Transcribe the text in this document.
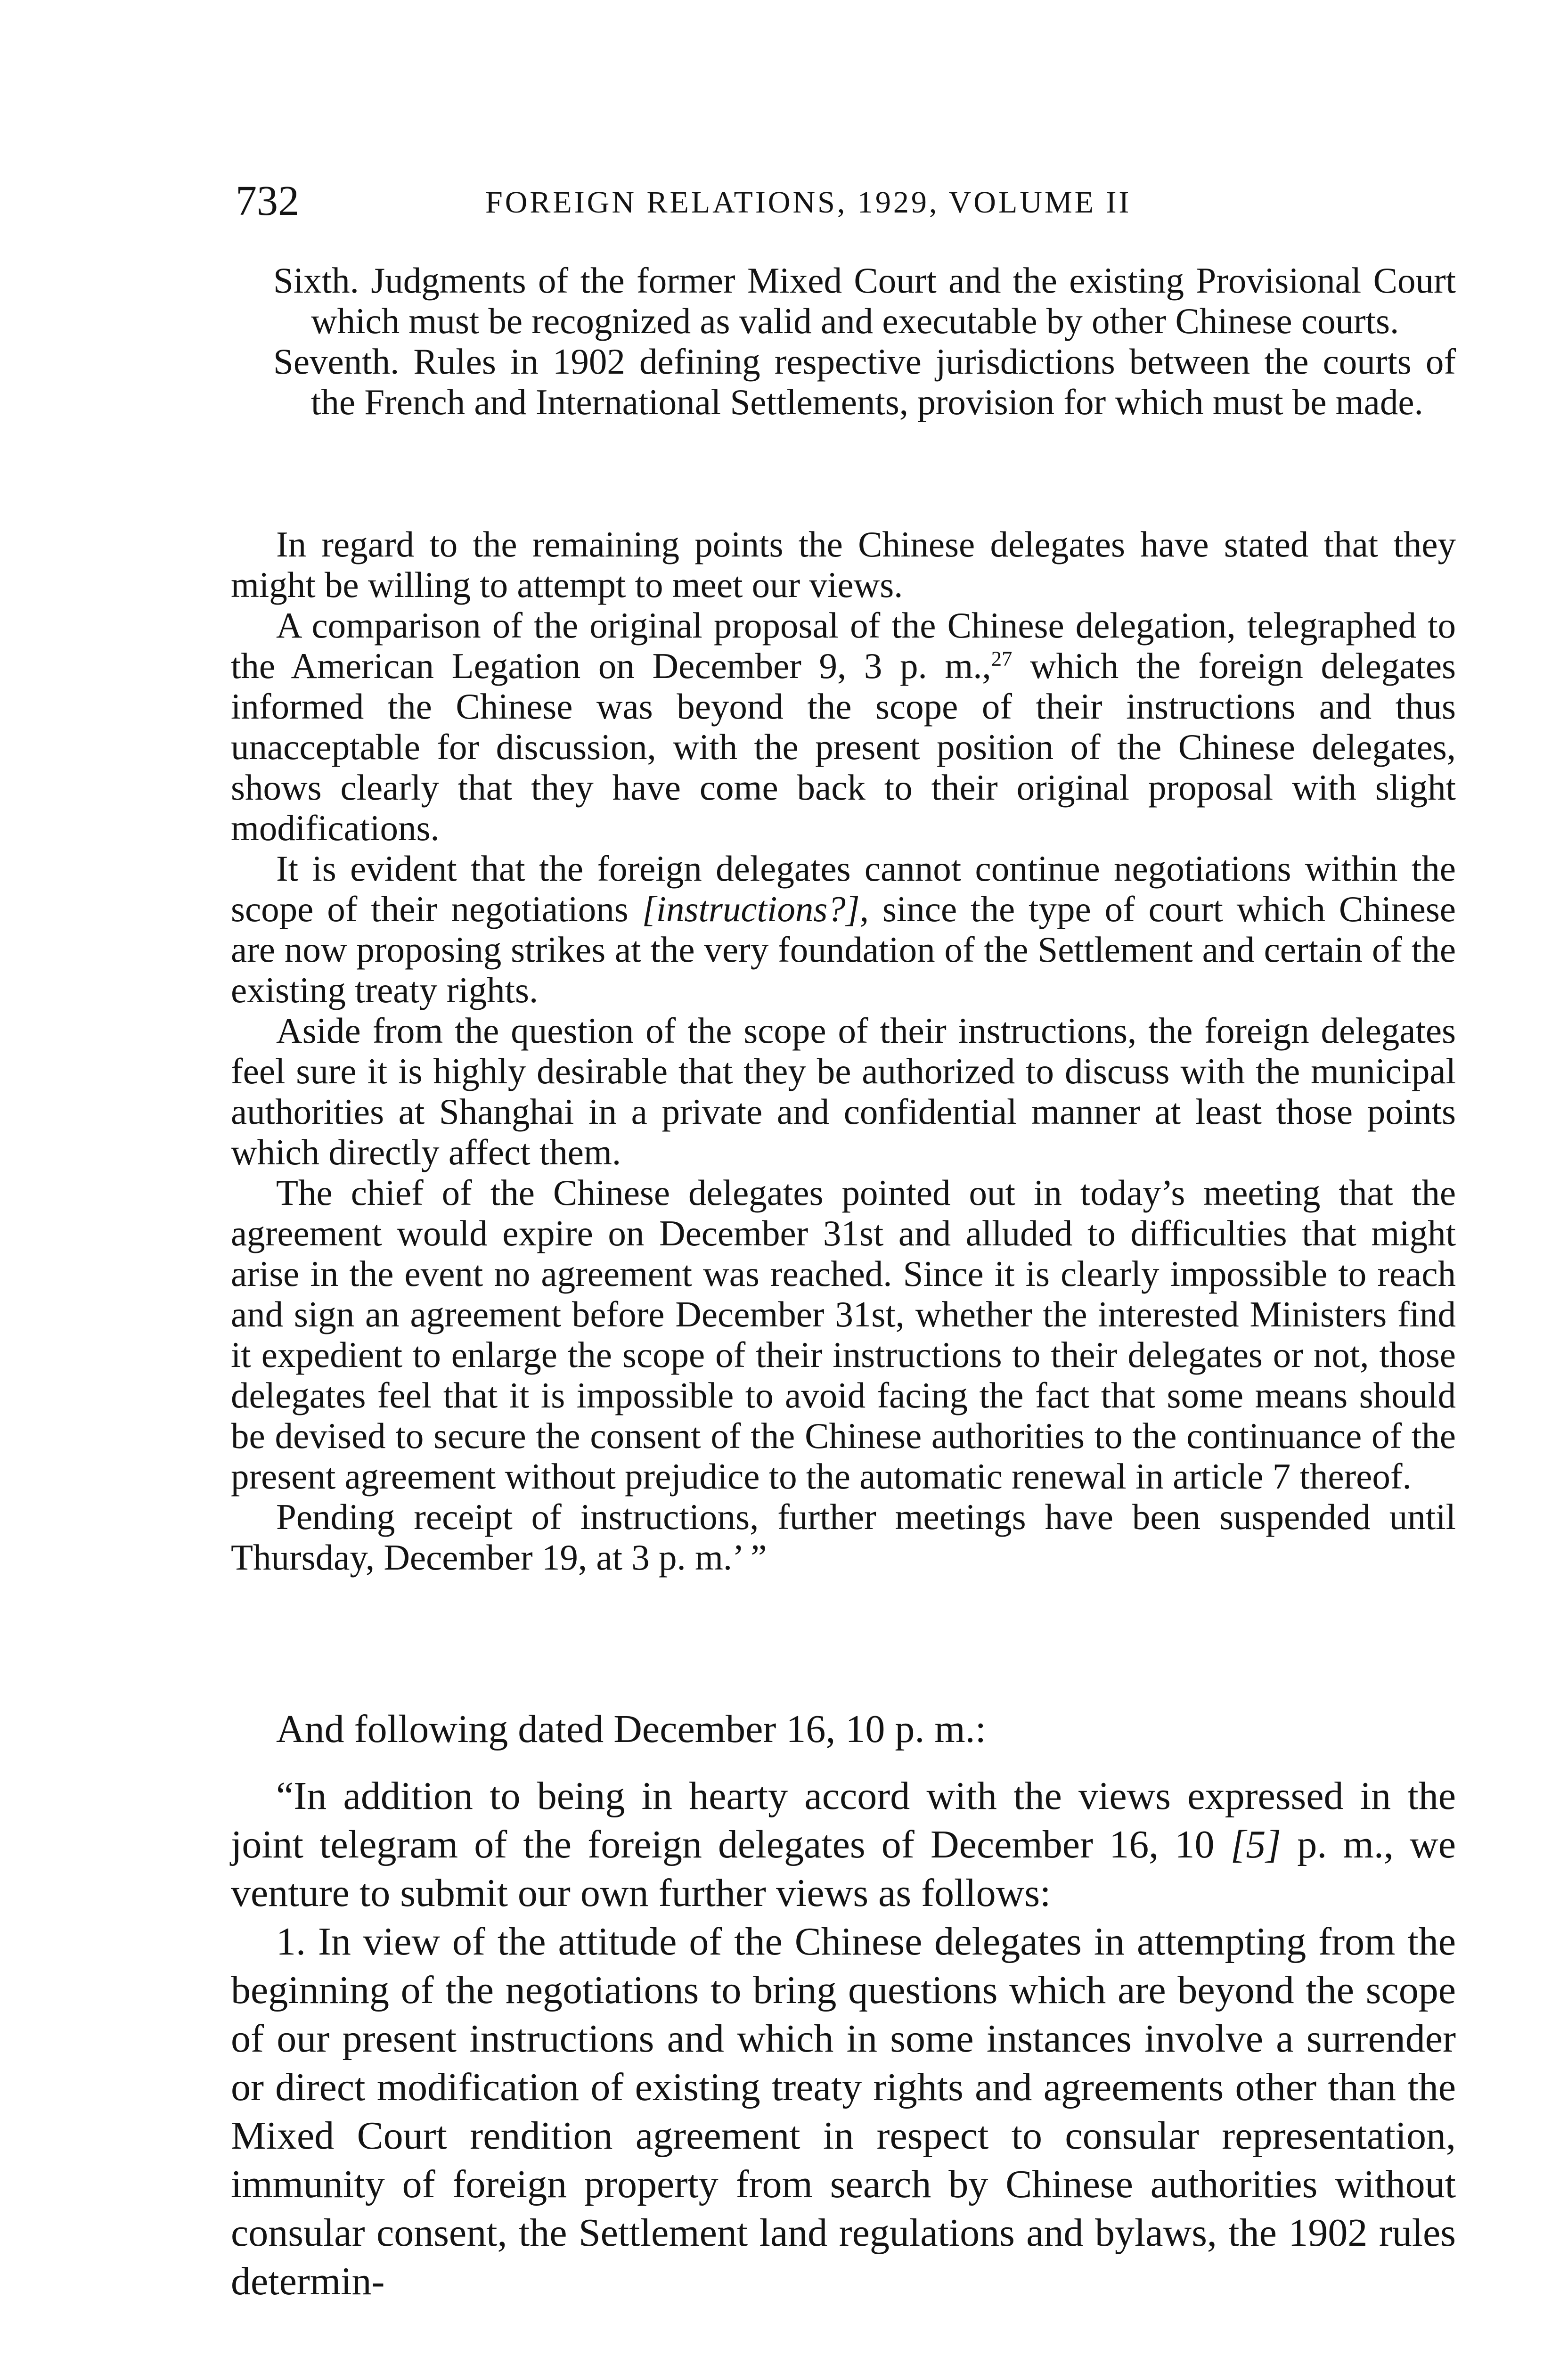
732	FOREIGN RELATIONS, 1929, VOLUME II

Sixth. Judgments of the former Mixed Court and the existing Provisional Court which must be recognized as valid and executable by other Chinese courts.

Seventh. Rules in 1902 defining respective jurisdictions between the courts of the French and International Settlements, provision for which must be made.

In regard to the remaining points the Chinese delegates have stated that they might be willing to attempt to meet our views.

A comparison of the original proposal of the Chinese delegation, telegraphed to the American Legation on December 9, 3 p. m.,$^{27}$ which the foreign delegates informed the Chinese was beyond the scope of their instructions and thus unacceptable for discussion, with the present position of the Chinese delegates, shows clearly that they have come back to their original proposal with slight modifications.

It is evident that the foreign delegates cannot continue negotiations within the scope of their negotiations [instructions?], since the type of court which Chinese are now proposing strikes at the very foundation of the Settlement and certain of the existing treaty rights.

Aside from the question of the scope of their instructions, the foreign delegates feel sure it is highly desirable that they be authorized to discuss with the municipal authorities at Shanghai in a private and confidential manner at least those points which directly affect them.

The chief of the Chinese delegates pointed out in today’s meeting that the agreement would expire on December 31st and alluded to difficulties that might arise in the event no agreement was reached. Since it is clearly impossible to reach and sign an agreement before December 31st, whether the interested Ministers find it expedient to enlarge the scope of their instructions to their delegates or not, those delegates feel that it is impossible to avoid facing the fact that some means should be devised to secure the consent of the Chinese authorities to the continuance of the present agreement without prejudice to the automatic renewal in article 7 thereof.

Pending receipt of instructions, further meetings have been suspended until Thursday, December 19, at 3 p. m.’ ”

And following dated December 16, 10 p. m.:

“In addition to being in hearty accord with the views expressed in the joint telegram of the foreign delegates of December 16, 10 [5] p. m., we venture to submit our own further views as follows:

1. In view of the attitude of the Chinese delegates in attempting from the beginning of the negotiations to bring questions which are beyond the scope of our present instructions and which in some instances involve a surrender or direct modification of existing treaty rights and agreements other than the Mixed Court rendition agreement in respect to consular representation, immunity of foreign property from search by Chinese authorities without consular consent, the Settlement land regulations and bylaws, the 1902 rules determin-
